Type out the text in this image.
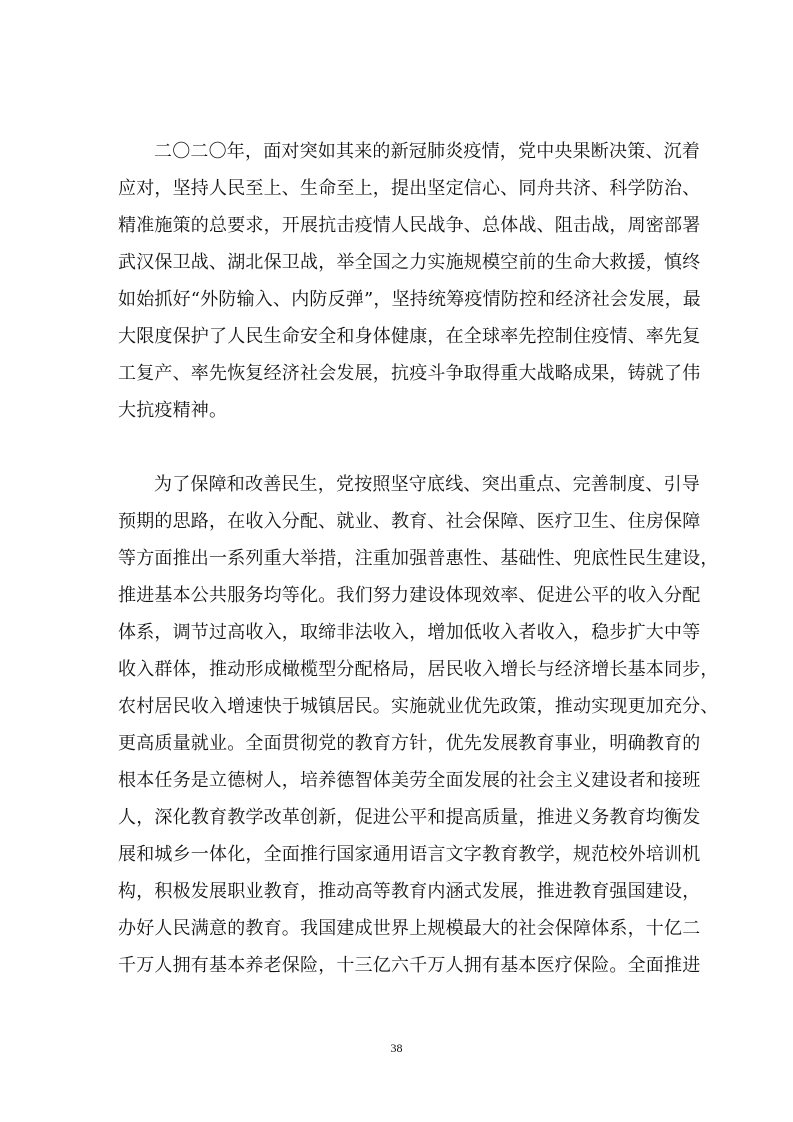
二〇二〇年，面对突如其来的新冠肺炎疫情，党中央果断决策、沉着
应对，坚持人民至上、生命至上，提出坚定信心、同舟共济、科学防治、
精准施策的总要求，开展抗击疫情人民战争、总体战、阻击战，周密部署
武汉保卫战、湖北保卫战，举全国之力实施规模空前的生命大救援，慎终
如始抓好“外防输入、内防反弹”，坚持统筹疫情防控和经济社会发展，最
大限度保护了人民生命安全和身体健康，在全球率先控制住疫情、率先复
工复产、率先恢复经济社会发展，抗疫斗争取得重大战略成果，铸就了伟
大抗疫精神。
为了保障和改善民生，党按照坚守底线、突出重点、完善制度、引导
预期的思路，在收入分配、就业、教育、社会保障、医疗卫生、住房保障
等方面推出一系列重大举措，注重加强普惠性、基础性、兜底性民生建设，
推进基本公共服务均等化。我们努力建设体现效率、促进公平的收入分配
体系，调节过高收入，取缔非法收入，增加低收入者收入，稳步扩大中等
收入群体，推动形成橄榄型分配格局，居民收入增长与经济增长基本同步，
农村居民收入增速快于城镇居民。实施就业优先政策，推动实现更加充分、
更高质量就业。全面贯彻党的教育方针，优先发展教育事业，明确教育的
根本任务是立德树人，培养德智体美劳全面发展的社会主义建设者和接班
人，深化教育教学改革创新，促进公平和提高质量，推进义务教育均衡发
展和城乡一体化，全面推行国家通用语言文字教育教学，规范校外培训机
构，积极发展职业教育，推动高等教育内涵式发展，推进教育强国建设，
办好人民满意的教育。我国建成世界上规模最大的社会保障体系，十亿二
千万人拥有基本养老保险，十三亿六千万人拥有基本医疗保险。全面推进
38
